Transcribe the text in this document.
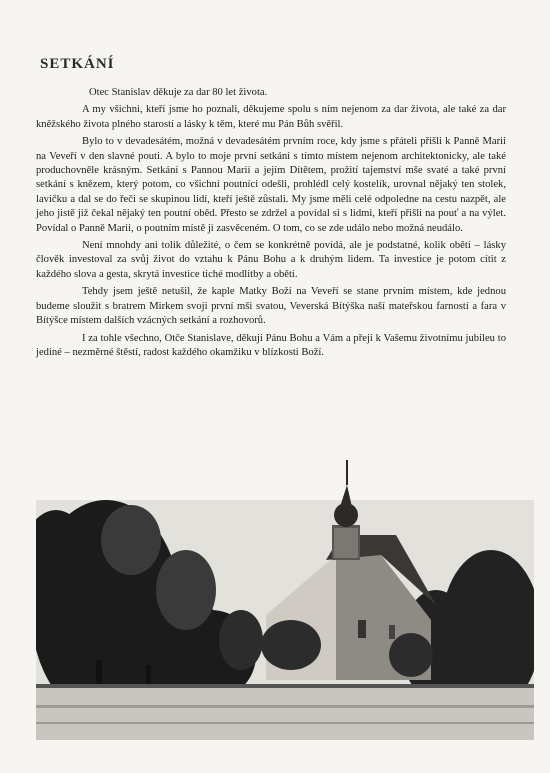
SETKÁNÍ

Otec Stanislav děkuje za dar 80 let života.

A my všichni, kteří jsme ho poznali, děkujeme spolu s ním nejenom za dar života, ale také za dar kněžského života plného starostí a lásky k těm, které mu Pán Bůh svěřil.

Bylo to v devadesátém, možná v devadesátém prvním roce, kdy jsme s přáteli přišli k Panně Marii na Veveří v den slavné pouti. A bylo to moje první setkání s tímto místem nejenom architektonicky, ale také produchovněle krásným. Setkání s Pannou Marií a jejím Dítětem, prožití tajemství mše svaté a také první setkání s knězem, který potom, co všichni poutníci odešli, prohlédl celý kostelík, urovnal nějaký ten stolek, lavičku a dal se do řeči se skupinou lidí, kteří ještě zůstali. My jsme měli celé odpoledne na cestu nazpět, ale jeho jistě již čekal nějaký ten poutní oběd. Přesto se zdržel a povídal si s lidmi, kteří přišli na pouť a na výlet. Povídal o Panně Marii, o poutním místě ji zasvěceném. O tom, co se zde událo nebo možná neudálo.

Není mnohdy ani tolik důležité, o čem se konkrétně povídá, ale je podstatné, kolik obětí – lásky člověk investoval za svůj život do vztahu k Pánu Bohu a k druhým lidem. Ta investice je potom cítit z každého slova a gesta, skrytá investice tiché modlitby a obětí.

Tehdy jsem ještě netušil, že kaple Matky Boží na Veveří se stane prvním místem, kde jednou budeme sloužit s bratrem Mirkem svoji první mši svatou, Veverská Bítýška naší mateřskou farností a fara v Bítýšce místem dalších vzácných setkání a rozhovorů.

I za tohle všechno, Otče Stanislave, děkuji Pánu Bohu a Vám a přeji k Vašemu životnímu jubileu to jediné – nezměrné štěstí, radost každého okamžiku v blízkosti Boží.
